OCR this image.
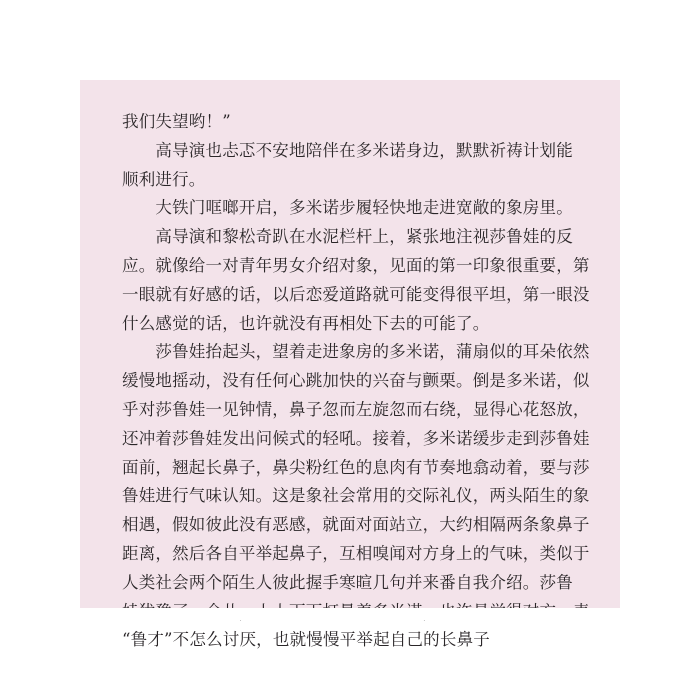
我们失望哟！”
　　高导演也忐忑不安地陪伴在多米诺身边，默默祈祷计划能
顺利进行。
　　大铁门哐啷开启，多米诺步履轻快地走进宽敞的象房里。
　　高导演和黎松奇趴在水泥栏杆上，紧张地注视莎鲁娃的反
应。就像给一对青年男女介绍对象，见面的第一印象很重要，第
一眼就有好感的话，以后恋爱道路就可能变得很平坦，第一眼没
什么感觉的话，也许就没有再相处下去的可能了。
　　莎鲁娃抬起头，望着走进象房的多米诺，蒲扇似的耳朵依然
缓慢地摇动，没有任何心跳加快的兴奋与颤栗。倒是多米诺，似
乎对莎鲁娃一见钟情，鼻子忽而左旋忽而右绕，显得心花怒放，
还冲着莎鲁娃发出问候式的轻吼。接着，多米诺缓步走到莎鲁娃
面前，翘起长鼻子，鼻尖粉红色的息肉有节奏地翕动着，要与莎
鲁娃进行气味认知。这是象社会常用的交际礼仪，两头陌生的象
相遇，假如彼此没有恶感，就面对面站立，大约相隔两条象鼻子
距离，然后各自平举起鼻子，互相嗅闻对方身上的气味，类似于
人类社会两个陌生人彼此握手寒暄几句并来番自我介绍。莎鲁
“鲁才”不怎么讨厌，也就慢慢平举起自己的长鼻子
